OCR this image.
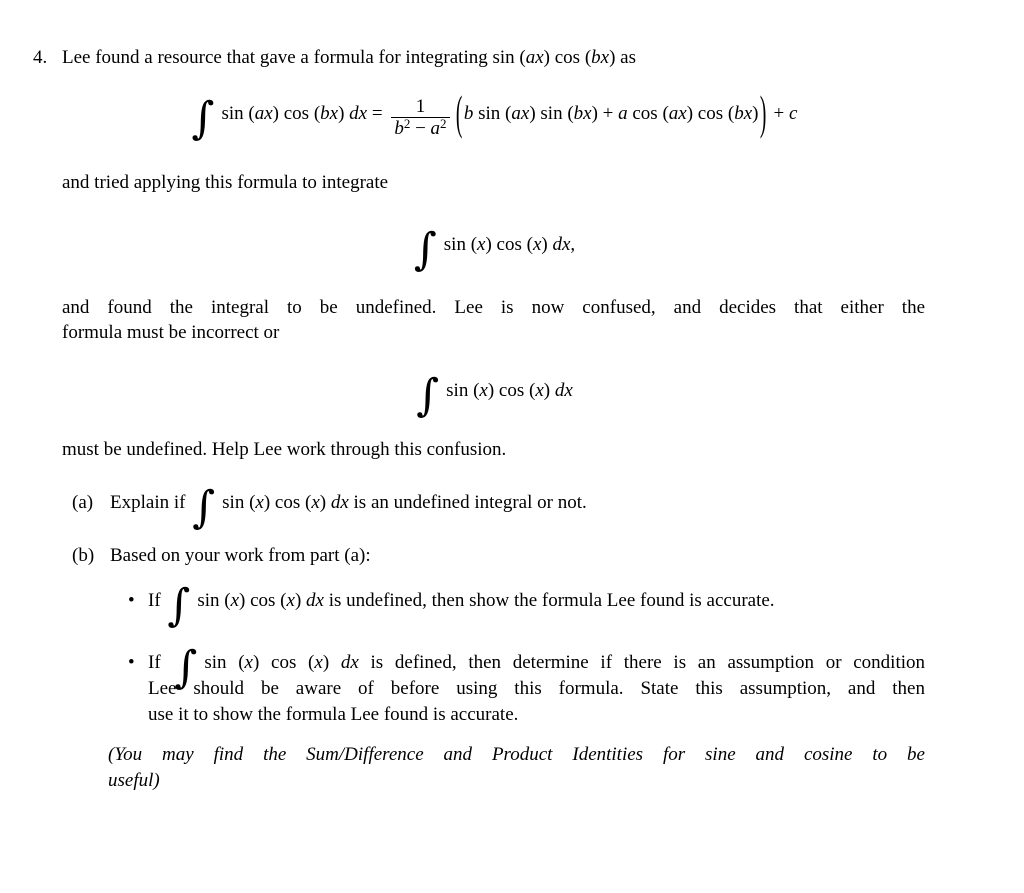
4. Lee found a resource that gave a formula for integrating sin (ax) cos (bx) as

∫ sin (ax) cos (bx) dx = $\frac{1}{b^2 - a^2}$ ( b sin (ax) sin (bx) + a cos (ax) cos (bx) ) + c

and tried applying this formula to integrate

∫ sin (x) cos (x) dx,

and found the integral to be undefined. Lee is now confused, and decides that either the

formula must be incorrect or

∫ sin (x) cos (x) dx

must be undefined. Help Lee work through this confusion.

(a) Explain if ∫ sin (x) cos (x) dx is an undefined integral or not.
(b) Based on your work from part (a):
• If ∫ sin (x) cos (x) dx is undefined, then show the formula Lee found is accurate.
• If ∫ sin (x) cos (x) dx is defined, then determine if there is an assumption or condition
Lee should be aware of before using this formula. State this assumption, and then
use it to show the formula Lee found is accurate.
(You may find the Sum/Difference and Product Identities for sine and cosine to be
useful)
